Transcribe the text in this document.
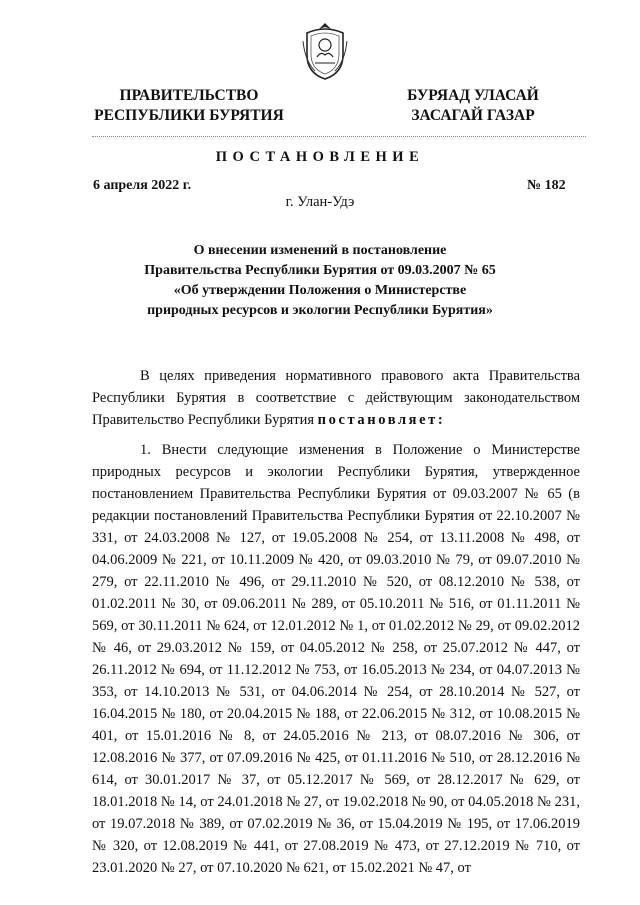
ПРАВИТЕЛЬСТВО
РЕСПУБЛИКИ БУРЯТИЯ
БУРЯАД УЛАСАЙ
ЗАСАГАЙ ГАЗАР
ПОСТАНОВЛЕНИЕ
6 апреля 2022 г.	№ 182
г. Улан-Удэ
О внесении изменений в постановление
Правительства Республики Бурятия от 09.03.2007 № 65
«Об утверждении Положения о Министерстве
природных ресурсов и экологии Республики Бурятия»
В целях приведения нормативного правового акта Правительства
Республики Бурятия в соответствие с действующим законодательством
Правительство Республики Бурятия постановляет:
1. Внести следующие изменения в Положение о Министерстве природных ресурсов и экологии Республики Бурятия, утвержденное постановлением Правительства Республики Бурятия от 09.03.2007 № 65 (в редакции постановлений Правительства Республики Бурятия от 22.10.2007 № 331, от 24.03.2008 № 127, от 19.05.2008 № 254, от 13.11.2008 № 498, от 04.06.2009 № 221, от 10.11.2009 № 420, от 09.03.2010 № 79, от 09.07.2010 № 279, от 22.11.2010 № 496, от 29.11.2010 № 520, от 08.12.2010 № 538, от 01.02.2011 № 30, от 09.06.2011 № 289, от 05.10.2011 № 516, от 01.11.2011 № 569, от 30.11.2011 № 624, от 12.01.2012 № 1, от 01.02.2012 № 29, от 09.02.2012 № 46, от 29.03.2012 № 159, от 04.05.2012 № 258, от 25.07.2012 № 447, от 26.11.2012 № 694, от 11.12.2012 № 753, от 16.05.2013 № 234, от 04.07.2013 № 353, от 14.10.2013 № 531, от 04.06.2014 № 254, от 28.10.2014 № 527, от 16.04.2015 № 180, от 20.04.2015 № 188, от 22.06.2015 № 312, от 10.08.2015 № 401, от 15.01.2016 № 8, от 24.05.2016 № 213, от 08.07.2016 № 306, от 12.08.2016 № 377, от 07.09.2016 № 425, от 01.11.2016 № 510, от 28.12.2016 № 614, от 30.01.2017 № 37, от 05.12.2017 № 569, от 28.12.2017 № 629, от 18.01.2018 № 14, от 24.01.2018 № 27, от 19.02.2018 № 90, от 04.05.2018 № 231, от 19.07.2018 № 389, от 07.02.2019 № 36, от 15.04.2019 № 195, от 17.06.2019 № 320, от 12.08.2019 № 441, от 27.08.2019 № 473, от 27.12.2019 № 710, от 23.01.2020 № 27, от 07.10.2020 № 621, от 15.02.2021 № 47, от
